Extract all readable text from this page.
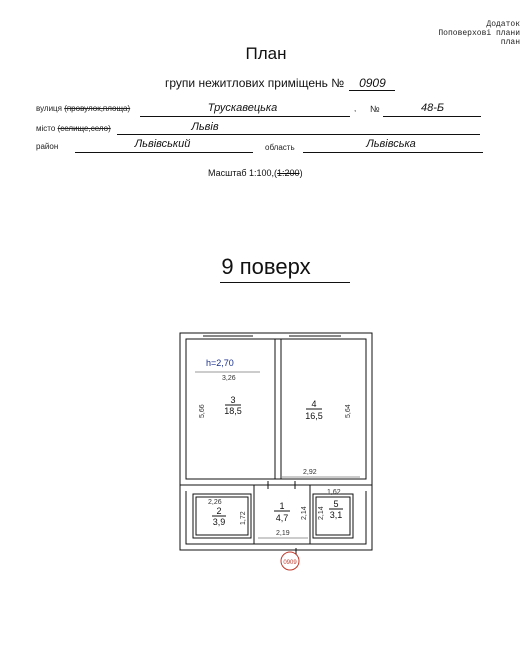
Додаток
Поповерхові плани
план
План
групи нежитлових приміщень № 0909
вулиця (провулок,площа)	Трускавецька	, №	48-Б
місто (селище,село)	Львів
район	Львівський	область	Львівська
Масштаб 1:100,(1:200)
9 поверх
0909
h=2,70
3,26
5,66	5,64
2,92
2,26
1,72
2,19
2,14
1,62
2,14
3
18,5
4
16,5
2
3,9
1
4,7
5
3,1
